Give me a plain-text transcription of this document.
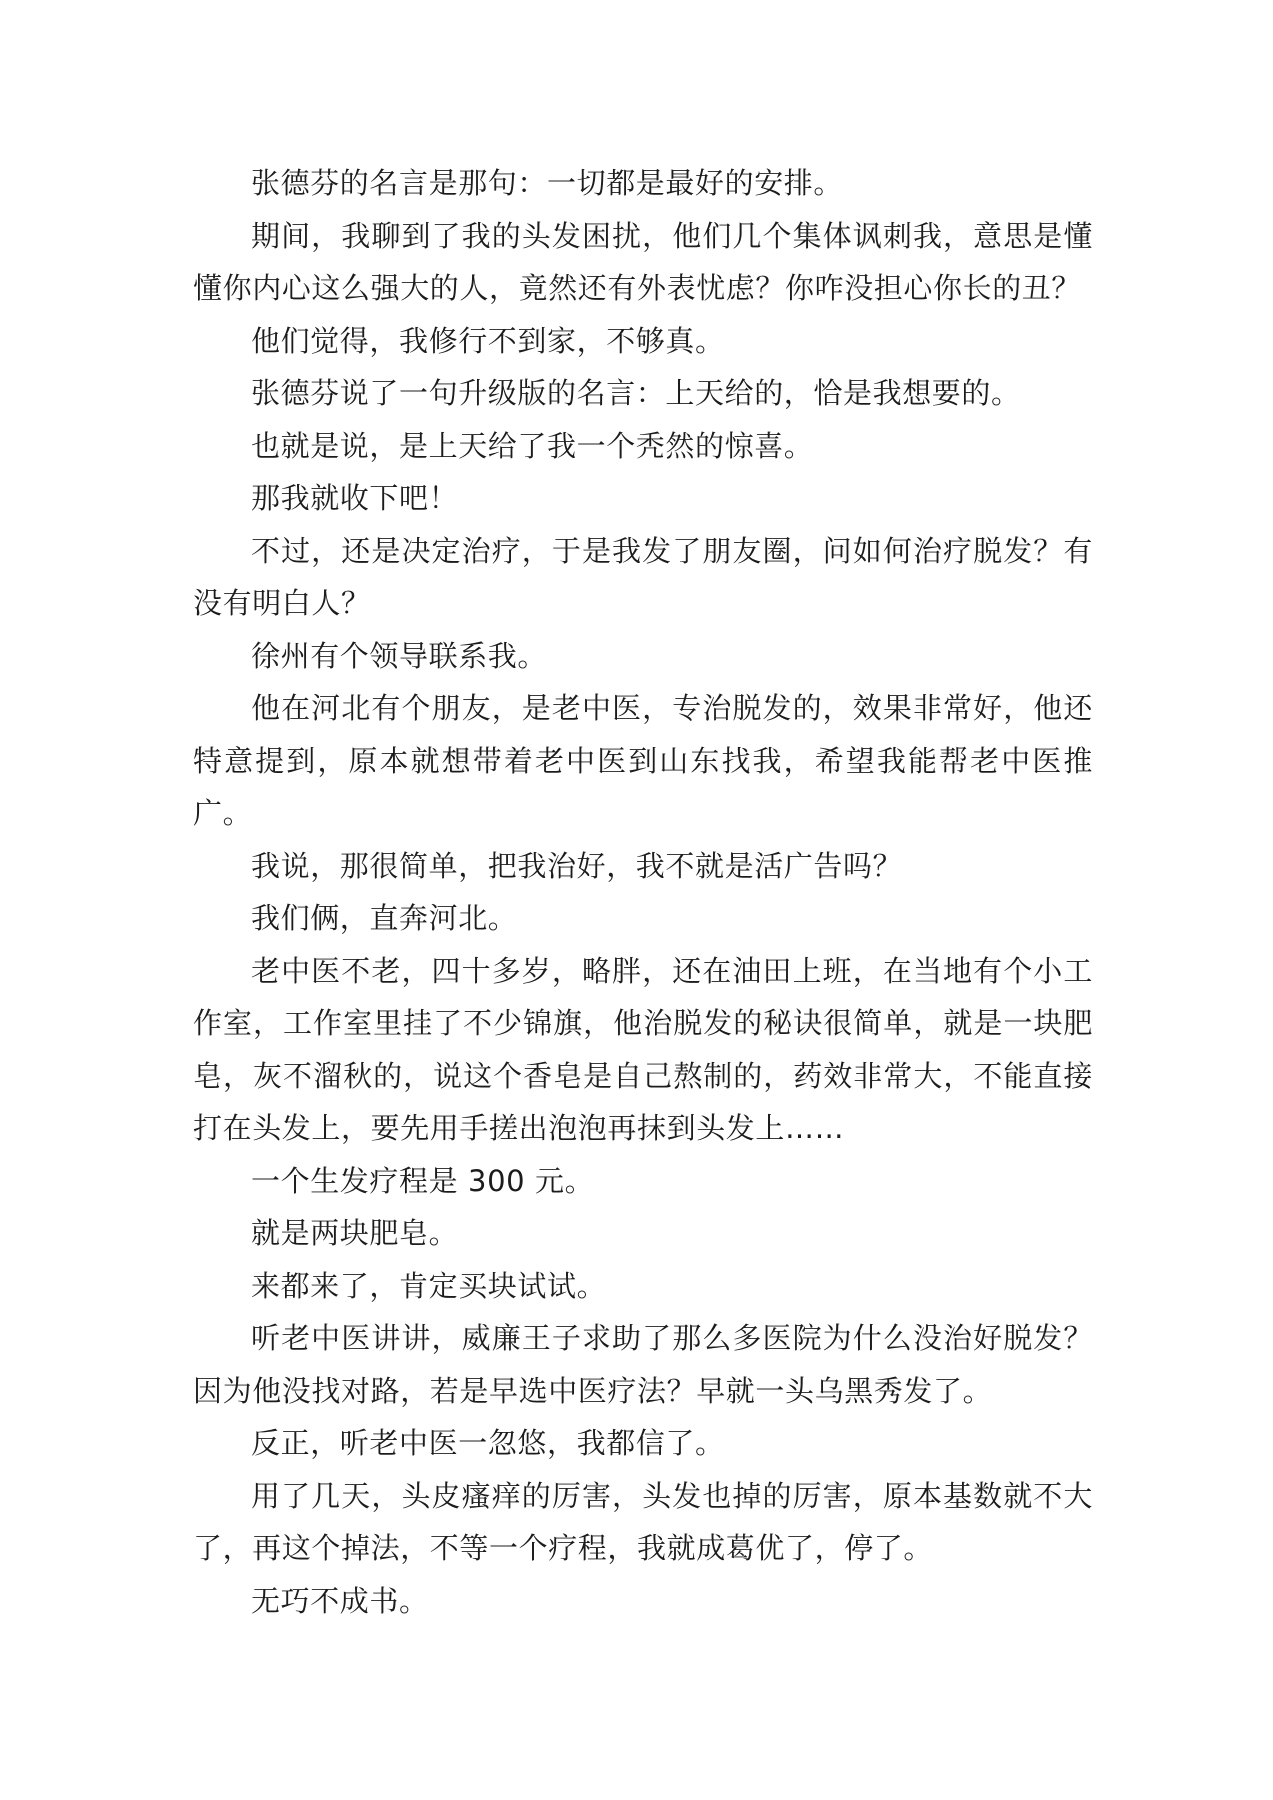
张德芬的名言是那句：一切都是最好的安排。

期间，我聊到了我的头发困扰，他们几个集体讽刺我，意思是懂懂你内心这么强大的人，竟然还有外表忧虑？你咋没担心你长的丑？

他们觉得，我修行不到家，不够真。

张德芬说了一句升级版的名言：上天给的，恰是我想要的。

也就是说，是上天给了我一个秃然的惊喜。

那我就收下吧！

不过，还是决定治疗，于是我发了朋友圈，问如何治疗脱发？有没有明白人？

徐州有个领导联系我。

他在河北有个朋友，是老中医，专治脱发的，效果非常好，他还特意提到，原本就想带着老中医到山东找我，希望我能帮老中医推广。

我说，那很简单，把我治好，我不就是活广告吗？

我们俩，直奔河北。

老中医不老，四十多岁，略胖，还在油田上班，在当地有个小工作室，工作室里挂了不少锦旗，他治脱发的秘诀很简单，就是一块肥皂，灰不溜秋的，说这个香皂是自己熬制的，药效非常大，不能直接打在头发上，要先用手搓出泡泡再抹到头发上……

一个生发疗程是 300 元。

就是两块肥皂。

来都来了，肯定买块试试。

听老中医讲讲，威廉王子求助了那么多医院为什么没治好脱发？因为他没找对路，若是早选中医疗法？早就一头乌黑秀发了。

反正，听老中医一忽悠，我都信了。

用了几天，头皮瘙痒的厉害，头发也掉的厉害，原本基数就不大了，再这个掉法，不等一个疗程，我就成葛优了，停了。

无巧不成书。
